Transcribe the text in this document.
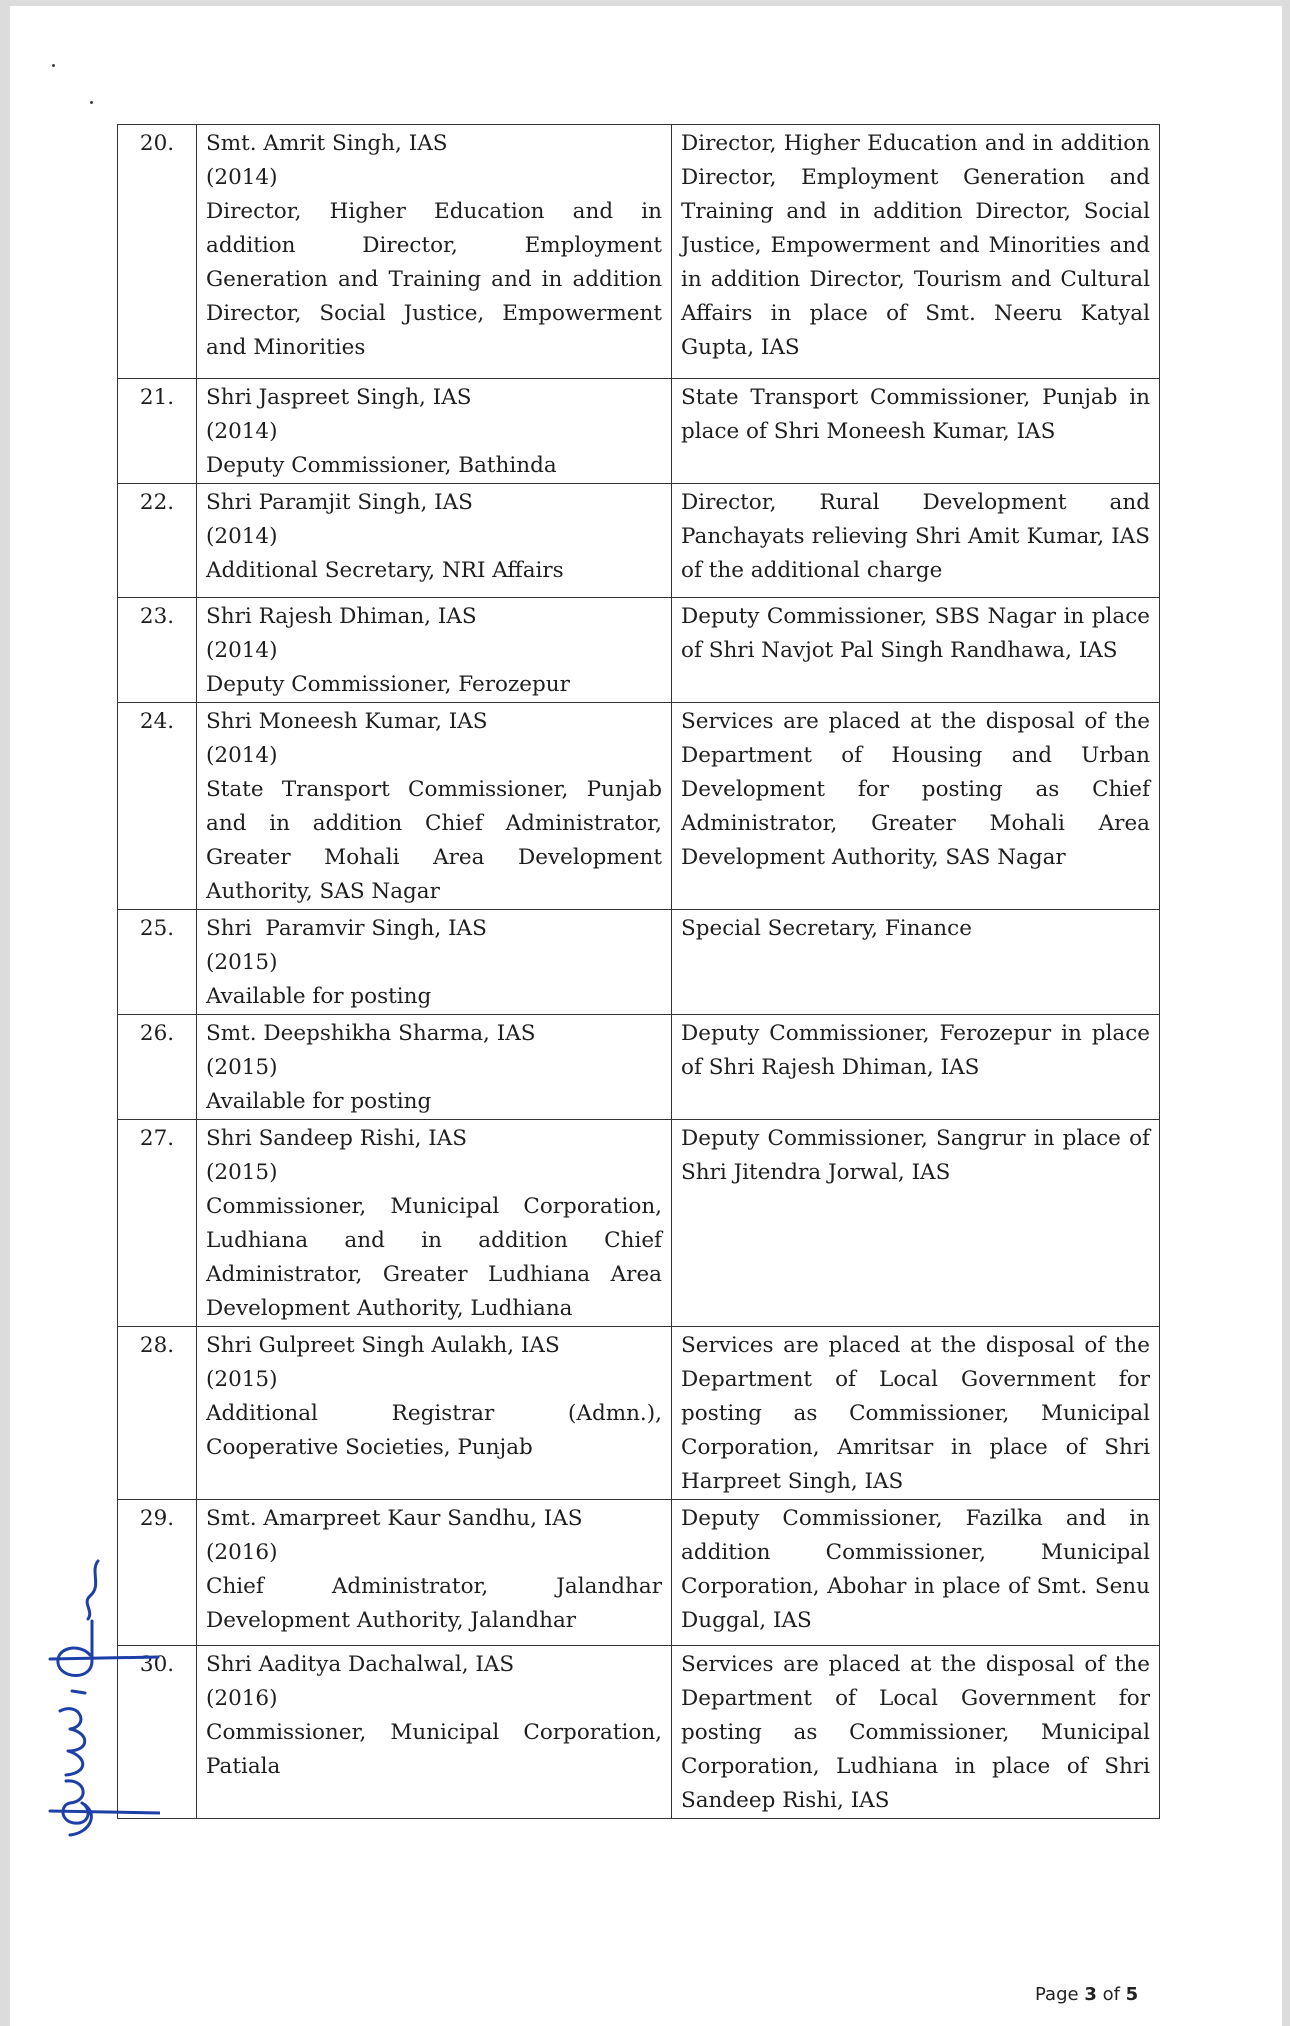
20.	Smt. Amrit Singh, IAS
(2014)
Director, Higher Education and in addition Director, Employment Generation and Training and in addition Director, Social Justice, Empowerment and Minorities
	Director, Higher Education and in addition Director, Employment Generation and Training and in addition Director, Social Justice, Empowerment and Minorities and in addition Director, Tourism and Cultural Affairs in place of Smt. Neeru Katyal Gupta, IAS
21.	Shri Jaspreet Singh, IAS
(2014)
Deputy Commissioner, Bathinda	State Transport Commissioner, Punjab in place of Shri Moneesh Kumar, IAS
22.	Shri Paramjit Singh, IAS
(2014)
Additional Secretary, NRI Affairs	Director, Rural Development and Panchayats relieving Shri Amit Kumar, IAS of the additional charge
23.	Shri Rajesh Dhiman, IAS
(2014)
Deputy Commissioner, Ferozepur	Deputy Commissioner, SBS Nagar in place of Shri Navjot Pal Singh Randhawa, IAS
24.	Shri Moneesh Kumar, IAS
(2014)
State Transport Commissioner, Punjab and in addition Chief Administrator, Greater Mohali Area Development Authority, SAS Nagar	Services are placed at the disposal of the Department of Housing and Urban Development for posting as Chief Administrator, Greater Mohali Area Development Authority, SAS Nagar
25.	Shri  Paramvir Singh, IAS
(2015)
Available for posting	Special Secretary, Finance
26.	Smt. Deepshikha Sharma, IAS
(2015)
Available for posting	Deputy Commissioner, Ferozepur in place of Shri Rajesh Dhiman, IAS
27.	Shri Sandeep Rishi, IAS
(2015)
Commissioner, Municipal Corporation, Ludhiana and in addition Chief Administrator, Greater Ludhiana Area Development Authority, Ludhiana	Deputy Commissioner, Sangrur in place of Shri Jitendra Jorwal, IAS
28.	Shri Gulpreet Singh Aulakh, IAS
(2015)
Additional Registrar (Admn.), Cooperative Societies, Punjab	Services are placed at the disposal of the Department of Local Government for posting as Commissioner, Municipal Corporation, Amritsar in place of Shri Harpreet Singh, IAS
29.	Smt. Amarpreet Kaur Sandhu, IAS
(2016)
Chief Administrator, Jalandhar Development Authority, Jalandhar	Deputy Commissioner, Fazilka and in addition Commissioner, Municipal Corporation, Abohar in place of Smt. Senu Duggal, IAS
30.	Shri Aaditya Dachalwal, IAS
(2016)
Commissioner, Municipal Corporation, Patiala	Services are placed at the disposal of the Department of Local Government for posting as Commissioner, Municipal Corporation, Ludhiana in place of Shri Sandeep Rishi, IAS
Page 3 of 5
